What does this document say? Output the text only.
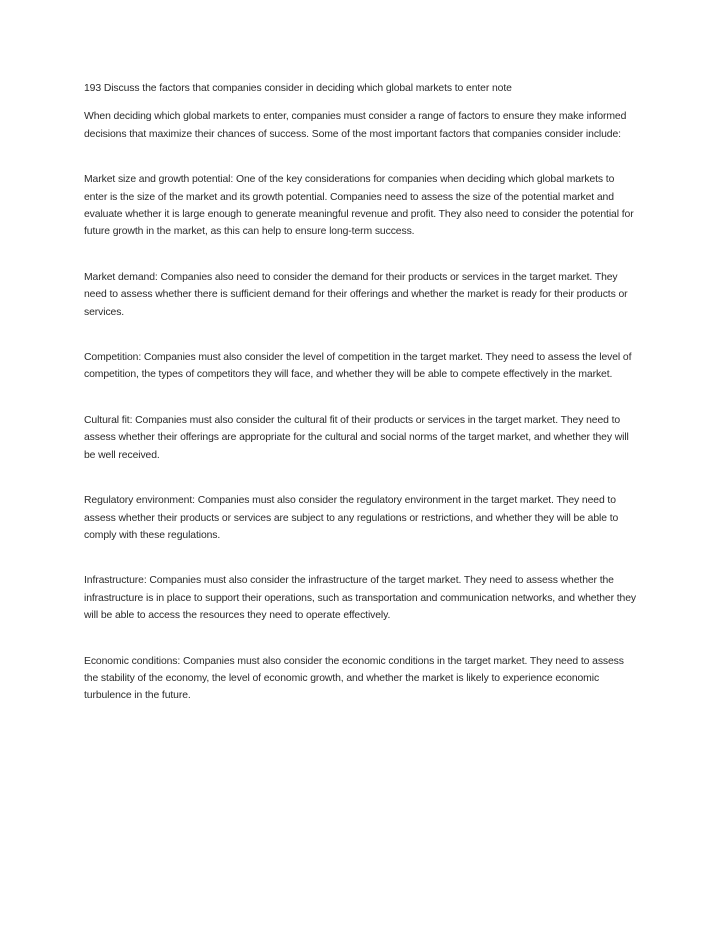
193 Discuss the factors that companies consider in deciding which global markets to enter note

When deciding which global markets to enter, companies must consider a range of factors to ensure they make informed decisions that maximize their chances of success. Some of the most important factors that companies consider include:

Market size and growth potential: One of the key considerations for companies when deciding which global markets to enter is the size of the market and its growth potential. Companies need to assess the size of the potential market and evaluate whether it is large enough to generate meaningful revenue and profit. They also need to consider the potential for future growth in the market, as this can help to ensure long-term success.

Market demand: Companies also need to consider the demand for their products or services in the target market. They need to assess whether there is sufficient demand for their offerings and whether the market is ready for their products or services.

Competition: Companies must also consider the level of competition in the target market. They need to assess the level of competition, the types of competitors they will face, and whether they will be able to compete effectively in the market.

Cultural fit: Companies must also consider the cultural fit of their products or services in the target market. They need to assess whether their offerings are appropriate for the cultural and social norms of the target market, and whether they will be well received.

Regulatory environment: Companies must also consider the regulatory environment in the target market. They need to assess whether their products or services are subject to any regulations or restrictions, and whether they will be able to comply with these regulations.

Infrastructure: Companies must also consider the infrastructure of the target market. They need to assess whether the infrastructure is in place to support their operations, such as transportation and communication networks, and whether they will be able to access the resources they need to operate effectively.

Economic conditions: Companies must also consider the economic conditions in the target market. They need to assess the stability of the economy, the level of economic growth, and whether the market is likely to experience economic turbulence in the future.
